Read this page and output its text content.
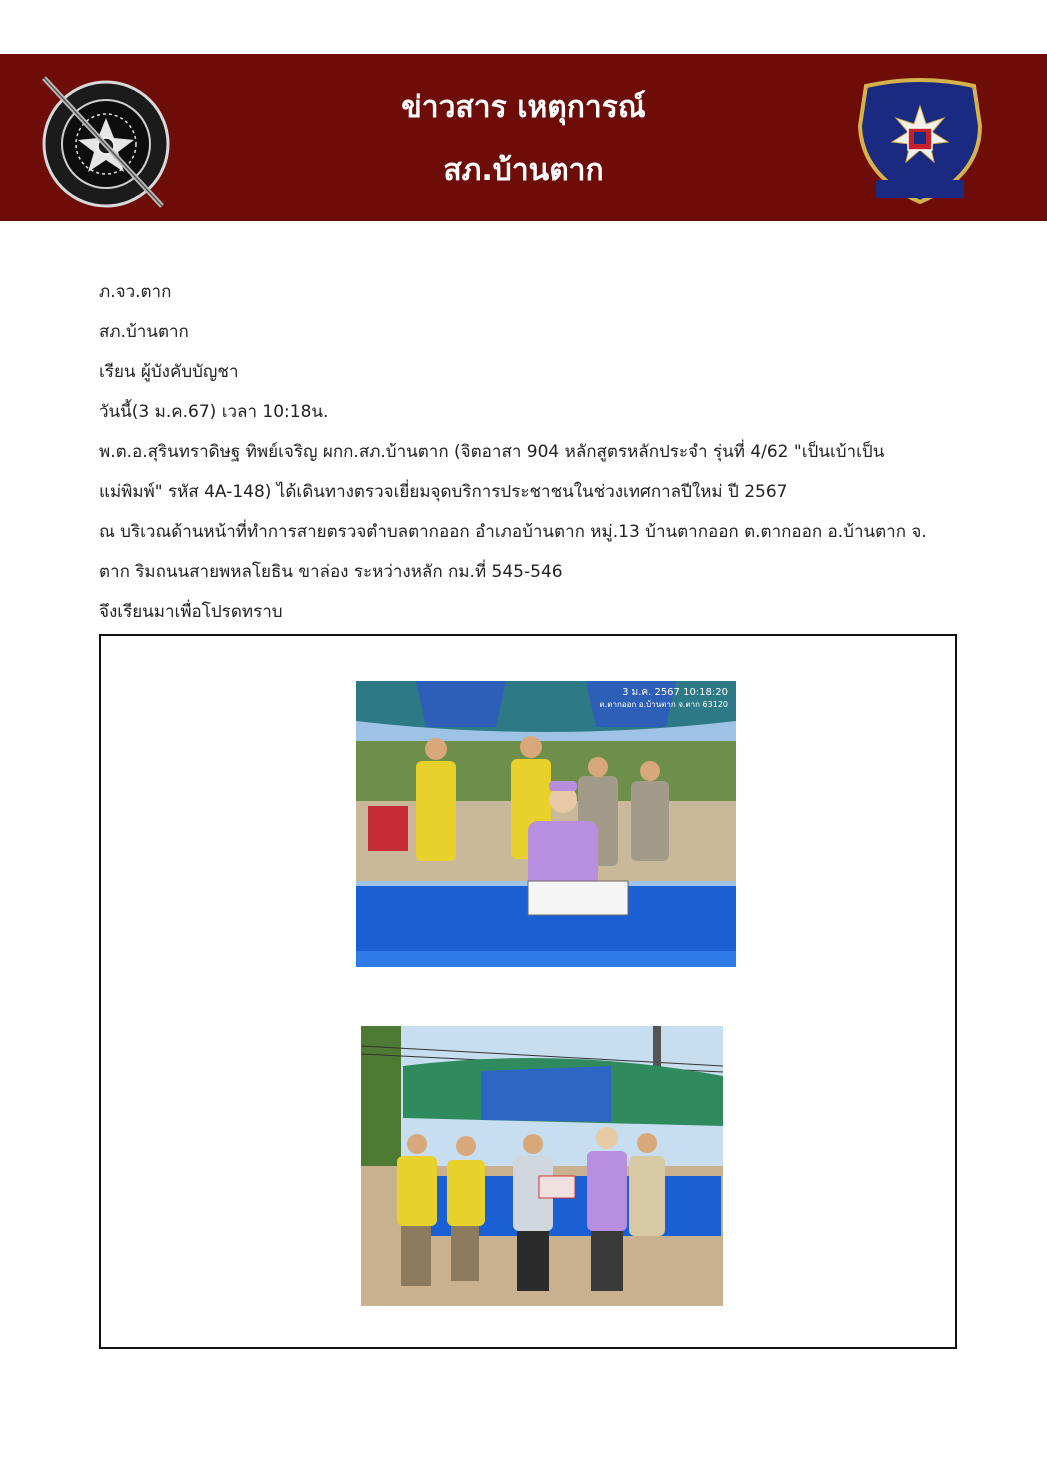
ข่าวสาร เหตุการณ์
สภ.บ้านตาก

ภ.จว.ตาก

สภ.บ้านตาก

เรียน ผู้บังคับบัญชา

วันนี้(3 ม.ค.67) เวลา 10:18น.

พ.ต.อ.สุรินทราดิษฐ ทิพย์เจริญ ผกก.สภ.บ้านตาก (จิตอาสา 904 หลักสูตรหลักประจำ รุ่นที่ 4/62 "เป็นเบ้าเป็น

แม่พิมพ์" รหัส 4A-148) ได้เดินทางตรวจเยี่ยมจุดบริการประชาชนในช่วงเทศกาลปีใหม่ ปี 2567

ณ บริเวณด้านหน้าที่ทำการสายตรวจตำบลตากออก อำเภอบ้านตาก หมู่.13 บ้านตากออก ต.ตากออก อ.บ้านตาก จ.

ตาก ริมถนนสายพหลโยธิน ขาล่อง ระหว่างหลัก กม.ที่ 545-546

จึงเรียนมาเพื่อโปรดทราบ

3 ม.ค. 2567 10:18:20
ต.ตากออก อ.บ้านตาก จ.ตาก 63120
